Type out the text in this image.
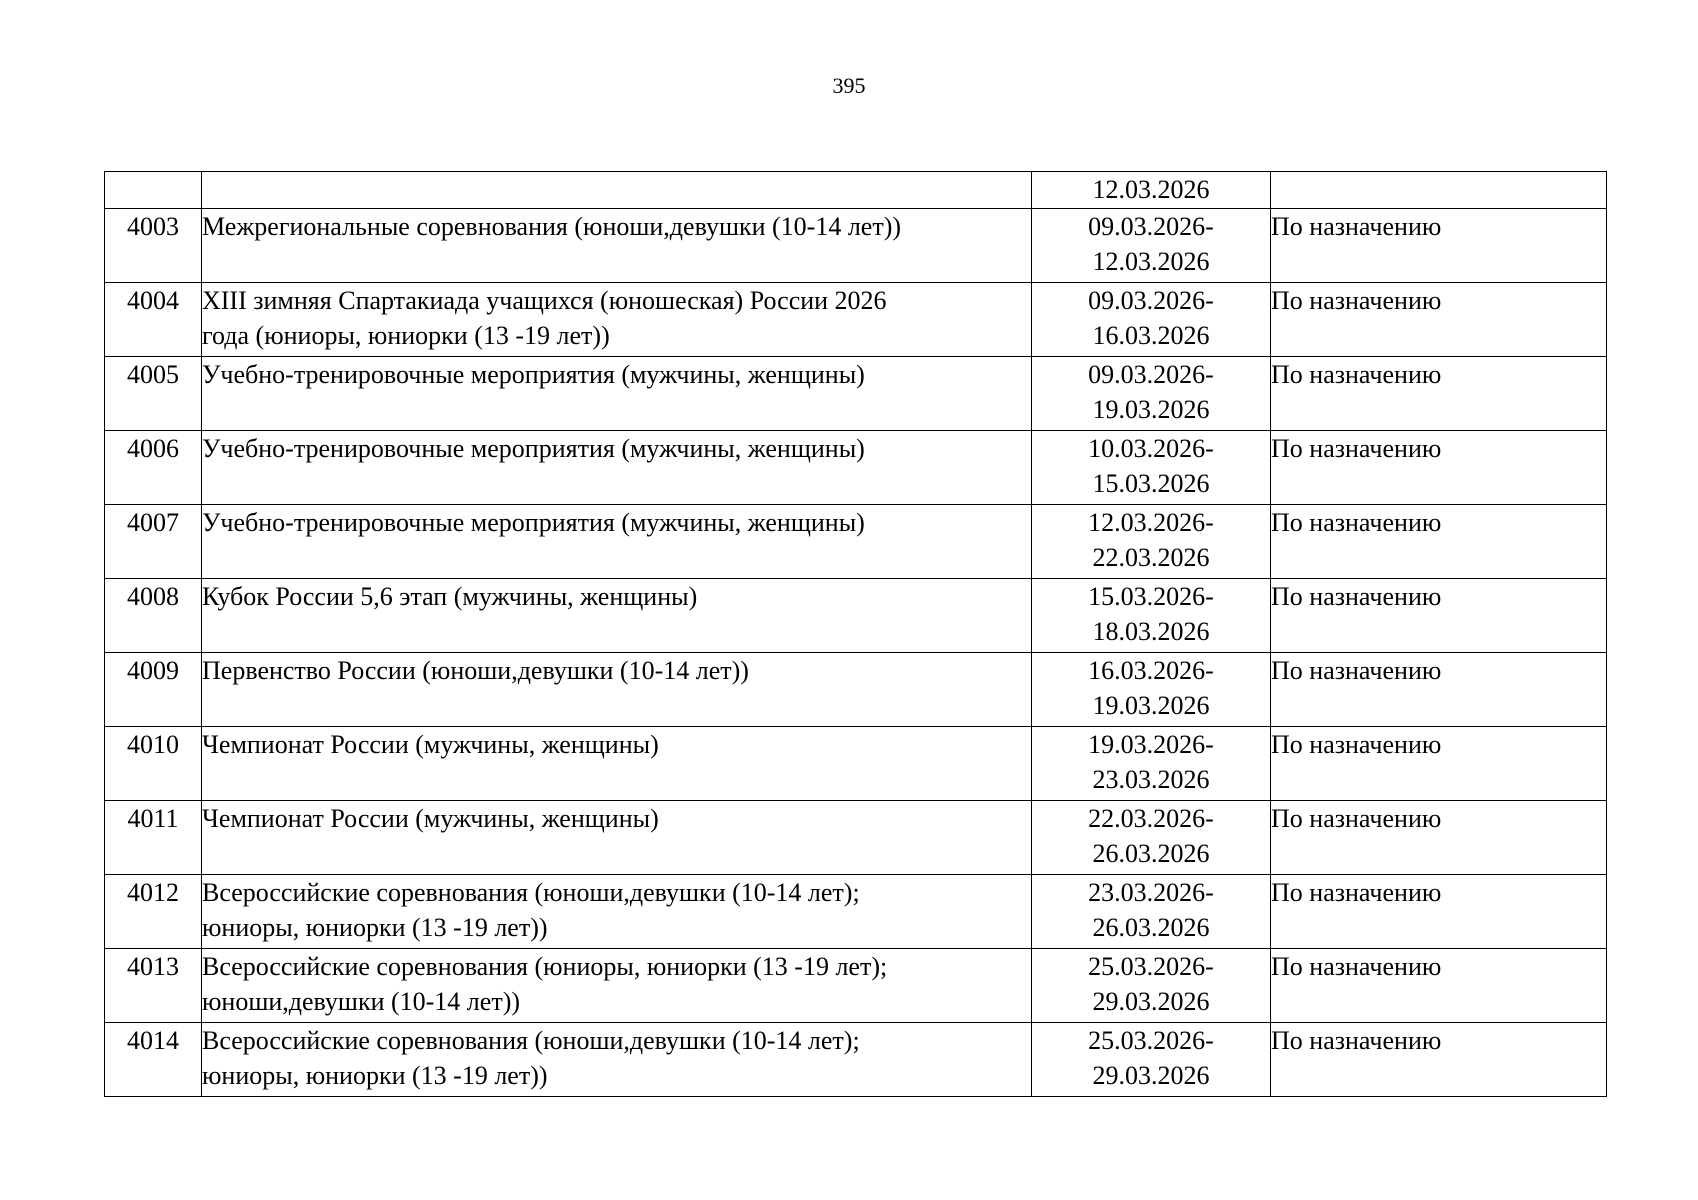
395

		12.03.2026	

4003	Межрегиональные соревнования (юноши,девушки (10-14 лет))	09.03.2026-
12.03.2026	По назначению
4004	XIII зимняя Спартакиада учащихся (юношеская) России 2026
года (юниоры, юниорки (13 -19 лет))	09.03.2026-
16.03.2026	По назначению
4005	Учебно-тренировочные мероприятия (мужчины, женщины)	09.03.2026-
19.03.2026	По назначению
4006	Учебно-тренировочные мероприятия (мужчины, женщины)	10.03.2026-
15.03.2026	По назначению
4007	Учебно-тренировочные мероприятия (мужчины, женщины)	12.03.2026-
22.03.2026	По назначению
4008	Кубок России 5,6 этап (мужчины, женщины)	15.03.2026-
18.03.2026	По назначению
4009	Первенство России (юноши,девушки (10-14 лет))	16.03.2026-
19.03.2026	По назначению
4010	Чемпионат России (мужчины, женщины)	19.03.2026-
23.03.2026	По назначению
4011	Чемпионат России (мужчины, женщины)	22.03.2026-
26.03.2026	По назначению
4012	Всероссийские соревнования (юноши,девушки (10-14 лет);
юниоры, юниорки (13 -19 лет))	23.03.2026-
26.03.2026	По назначению
4013	Всероссийские соревнования (юниоры, юниорки (13 -19 лет);
юноши,девушки (10-14 лет))	25.03.2026-
29.03.2026	По назначению
4014	Всероссийские соревнования (юноши,девушки (10-14 лет);
юниоры, юниорки (13 -19 лет))	25.03.2026-
29.03.2026	По назначению
